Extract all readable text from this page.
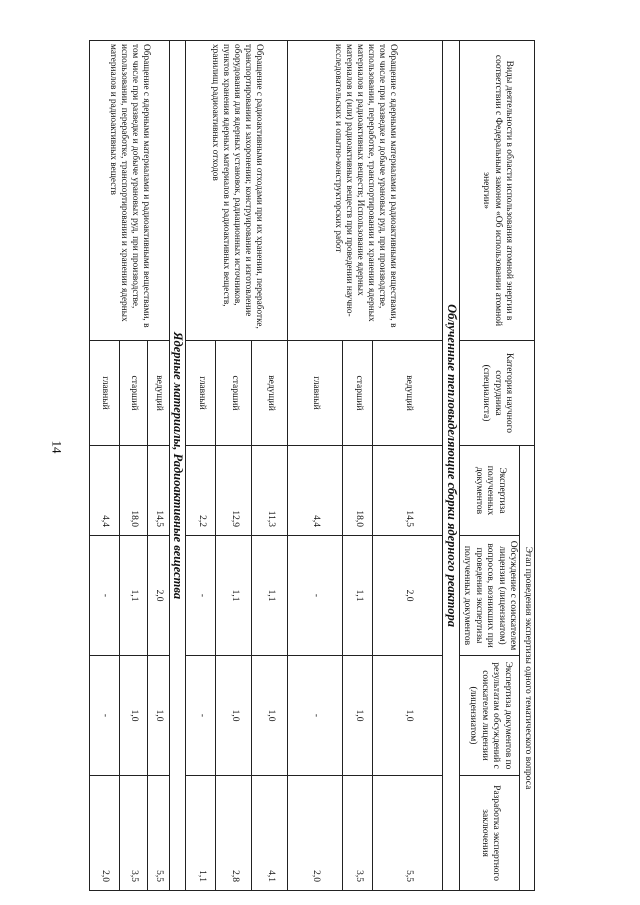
14
Виды деятельности в области использования атомной энергии в соответствии с Федеральным законом «Об использовании атомной энергии»	Категория научного сотрудника (специалиста)	Этап проведения экспертизы одного тематического вопроса			
		Экспертиза полученных документов	Обсуждение с соискателем лицензии (лицензиатом) вопросов, возникших при проведении экспертизы полученных документов	Экспертиза документов по результатам обсуждений с соискателем лицензии (лицензиатом)	Разработка экспертного заключения
Облученные тепловыделяющие сборки ядерного реактора					
Обращение с ядерными материалами и радиоактивными веществами, в том числе при разведке и добыче урановых руд, при производстве, использовании, переработке, транспортировании и хранении ядерных материалов и радиоактивных веществ; Использование ядерных материалов и (или) радиоактивных веществ при проведении научно-исследовательских и опытно-конструкторских работ	ведущий	14,5	2,0	1,0	5,5
	старший	18,0	1,1	1,0	3,5
	главный	4,4	-	-	2,0
Обращение с радиоактивными отходами при их хранении, переработке, транспортировании и захоронении; конструирование и изготовление оборудования для ядерных установок, радиационных источников, пунктов хранения ядерных материалов и радиоактивных веществ, хранилищ радиоактивных отходов	ведущий	11,3	1,1	1,0	4,1
	старший	12,9	1,1	1,0	2,8
	главный	2,2	-	-	1,1
Ядерные материалы, Радиоактивные вещества					
Обращение с ядерными материалами и радиоактивными веществами, в том числе при разведке и добыче урановых руд, при производстве, использовании, переработке, транспортировании и хранении ядерных материалов и радиоактивных веществ	ведущий	14,5	2,0	1,0	5,5
	старший	18,0	1,1	1,0	3,5
	главный	4,4	-	-	2,0
